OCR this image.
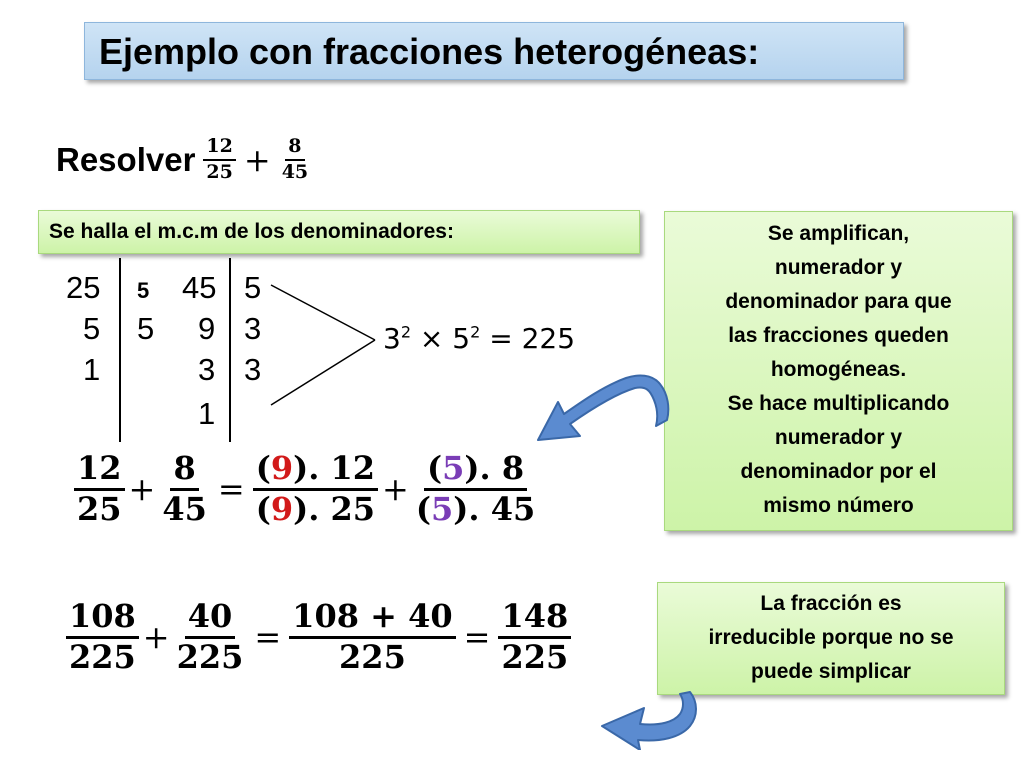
Ejemplo con fracciones heterogéneas:
Resolver $\frac{12}{25} + \frac{8}{45}$
Se halla el m.c.m de los denominadores:
25
5
1
5
5
45
9
3
1
5
3
3
$3^2 \times 5^2 = 225$
Se amplifican,
numerador y
denominador para que
las fracciones queden
homogéneas.
Se hace multiplicando
numerador y
denominador por el
mismo número
$\frac{12}{25} + \frac{8}{45} = \frac{(9). 12}{(9). 25} + \frac{(5). 8}{(5). 45}$
La fracción es
irreducible porque no se
puede simplicar
$\frac{108}{225} + \frac{40}{225} = \frac{108 + 40}{225} = \frac{148}{225}$
